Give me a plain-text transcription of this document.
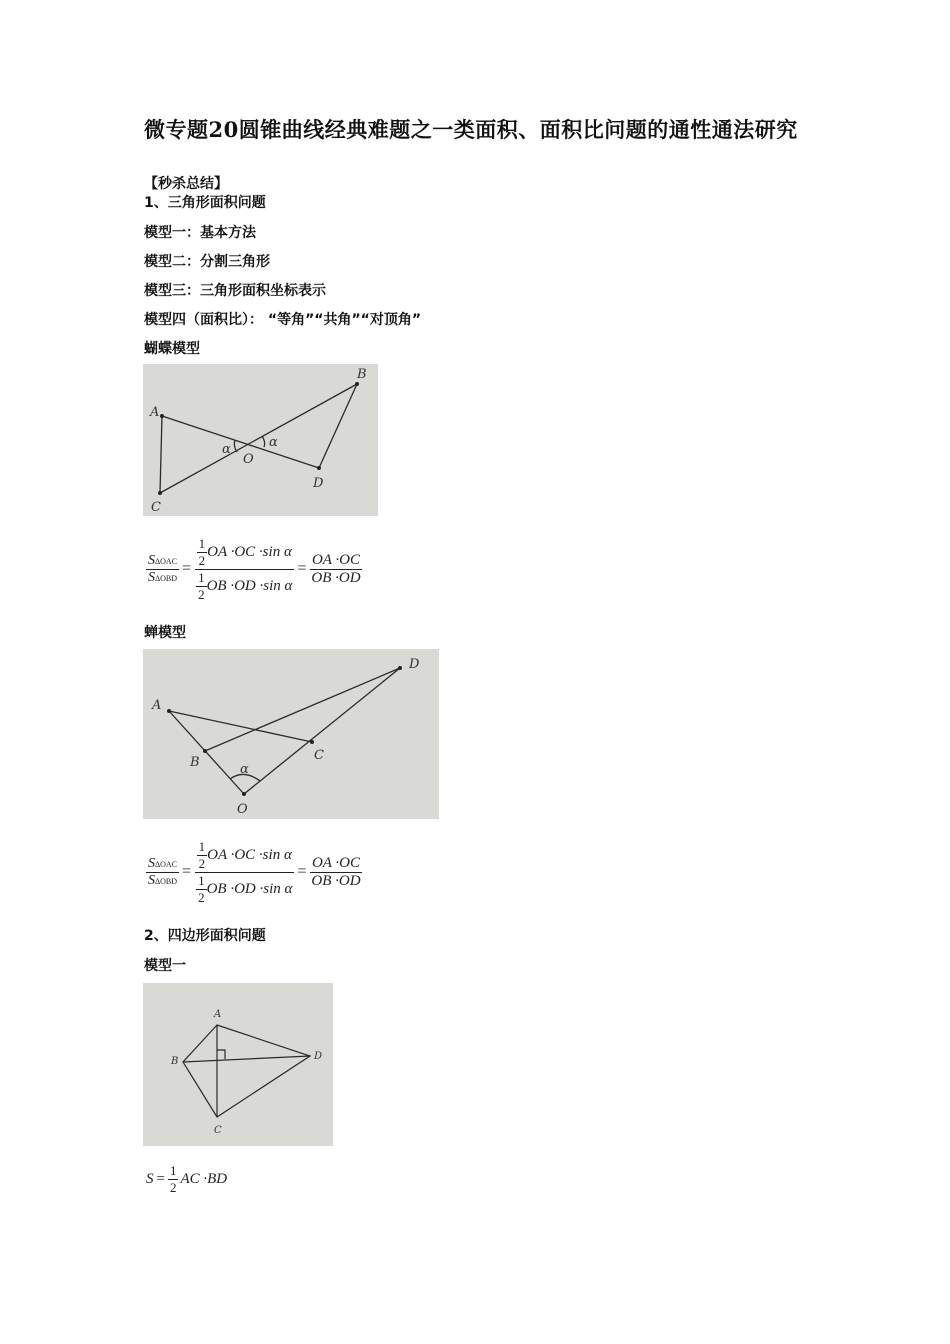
微专题20圆锥曲线经典难题之一类面积、面积比问题的通性通法研究
【秒杀总结】
1、三角形面积问题
模型一：基本方法
模型二：分割三角形
模型三：三角形面积坐标表示
模型四（面积比）： “等角”“共角”“对顶角”
蝴蝶模型
A
B
C
D
O
α	α
$\frac{\text{SΔOAC}}{\text{SΔOBD}} = \frac{\frac{1}{2} OA \cdot OC \cdot\sin \alpha}{\frac{1}{2} OB \cdot OD \cdot\sin \alpha} = \frac{OA \cdot OC}{OB \cdot OD}$
蝉模型
A
B	C
D
O
α
$\frac{\text{SΔOAC}}{\text{SΔOBD}} = \frac{\frac{1}{2} OA \cdot OC \cdot\sin \alpha}{\frac{1}{2} OB \cdot OD \cdot\sin \alpha} = \frac{OA \cdot OC}{OB \cdot OD}$
2、四边形面积问题
模型一
A
B
C
D
$S = \frac{1}{2}$ AC ·BD
